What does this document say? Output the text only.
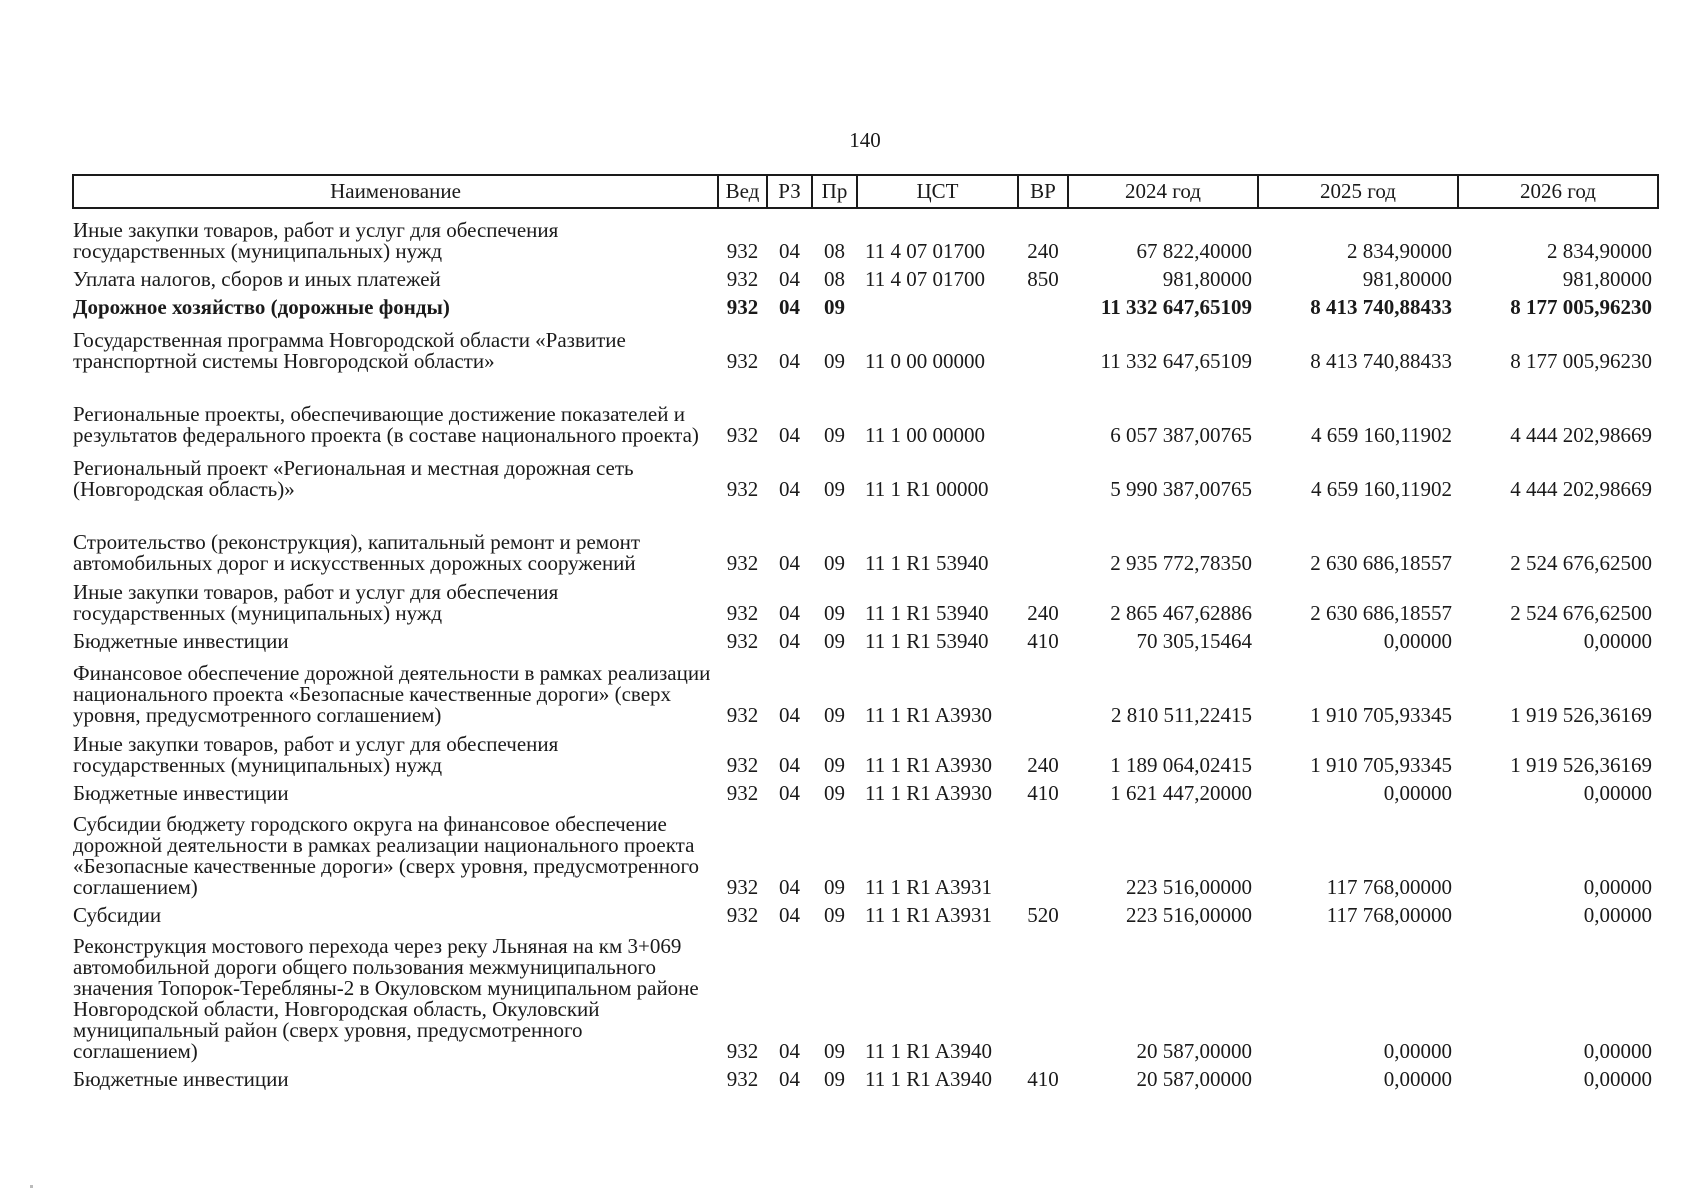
140
Наименование	Вед	РЗ	Пр	ЦСТ	ВР	2024 год	2025 год	2026 год
Иные закупки товаров, работ и услуг для обеспечения государственных (муниципальных) нужд	932	04	08	11 4 07 01700	240	67 822,40000	2 834,90000	2 834,90000
Уплата налогов, сборов и иных платежей	932	04	08	11 4 07 01700	850	981,80000	981,80000	981,80000
Дорожное хозяйство (дорожные фонды)	932	04	09			11 332 647,65109	8 413 740,88433	8 177 005,96230
Государственная программа Новгородской области «Развитие транспортной системы Новгородской области»	932	04	09	11 0 00 00000		11 332 647,65109	8 413 740,88433	8 177 005,96230
Региональные проекты, обеспечивающие достижение показателей и результатов федерального проекта (в составе национального проекта)	932	04	09	11 1 00 00000		6 057 387,00765	4 659 160,11902	4 444 202,98669
Региональный проект «Региональная и местная дорожная сеть (Новгородская область)»	932	04	09	11 1 R1 00000		5 990 387,00765	4 659 160,11902	4 444 202,98669
Строительство (реконструкция), капитальный ремонт и ремонт автомобильных дорог и искусственных дорожных сооружений	932	04	09	11 1 R1 53940		2 935 772,78350	2 630 686,18557	2 524 676,62500
Иные закупки товаров, работ и услуг для обеспечения государственных (муниципальных) нужд	932	04	09	11 1 R1 53940	240	2 865 467,62886	2 630 686,18557	2 524 676,62500
Бюджетные инвестиции	932	04	09	11 1 R1 53940	410	70 305,15464	0,00000	0,00000
Финансовое обеспечение дорожной деятельности в рамках реализации национального проекта «Безопасные качественные дороги» (сверх уровня, предусмотренного соглашением)	932	04	09	11 1 R1 A3930		2 810 511,22415	1 910 705,93345	1 919 526,36169
Иные закупки товаров, работ и услуг для обеспечения государственных (муниципальных) нужд	932	04	09	11 1 R1 A3930	240	1 189 064,02415	1 910 705,93345	1 919 526,36169
Бюджетные инвестиции	932	04	09	11 1 R1 A3930	410	1 621 447,20000	0,00000	0,00000
Субсидии бюджету городского округа на финансовое обеспечение дорожной деятельности в рамках реализации национального проекта «Безопасные качественные дороги» (сверх уровня, предусмотренного соглашением)	932	04	09	11 1 R1 A3931		223 516,00000	117 768,00000	0,00000
Субсидии	932	04	09	11 1 R1 A3931	520	223 516,00000	117 768,00000	0,00000
Реконструкция мостового перехода через реку Льняная на км 3+069 автомобильной дороги общего пользования межмуниципального значения Топорок-Теребляны-2 в Окуловском муниципальном районе Новгородской области, Новгородская область, Окуловский муниципальный район (сверх уровня, предусмотренного соглашением)	932	04	09	11 1 R1 A3940		20 587,00000	0,00000	0,00000
Бюджетные инвестиции	932	04	09	11 1 R1 A3940	410	20 587,00000	0,00000	0,00000
